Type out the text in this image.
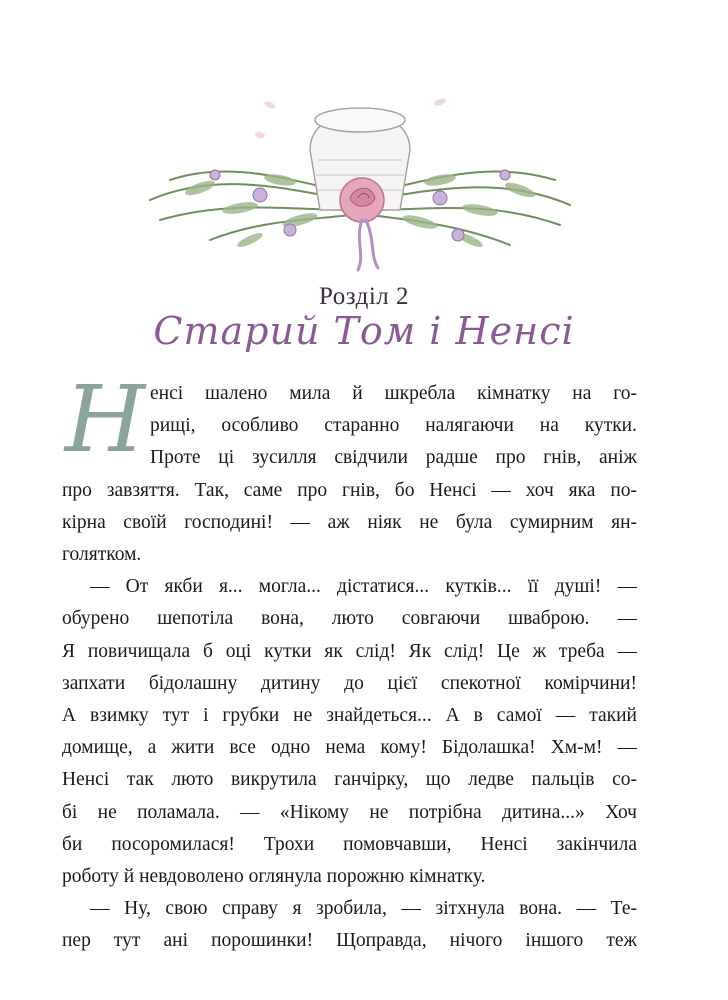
Розділ 2
Старий Том і Ненсі
Н енсі шалено мила й шкребла кімнатку на го-
рищі, особливо старанно налягаючи на кутки.
Проте ці зусилля свідчили радше про гнів, аніж
про завзяття. Так, саме про гнів, бо Ненсі — хоч яка по-
кірна своїй господині! — аж ніяк не була сумирним ян-
голятком.
— От якби я... могла... дістатися... кутків... її душі! —
обурено шепотіла вона, люто совгаючи шваброю. —
Я повичищала б оці кутки як слід! Як слід! Це ж треба —
запхати бідолашну дитину до цієї спекотної комірчини!
А взимку тут і грубки не знайдеться... А в самої — такий
домище, а жити все одно нема кому! Бідолашка! Хм-м! —
Ненсі так люто викрутила ганчірку, що ледве пальців со-
бі не поламала. — «Нікому не потрібна дитина...» Хоч
би посоромилася! Трохи помовчавши, Ненсі закінчила
роботу й невдоволено оглянула порожню кімнатку.
— Ну, свою справу я зробила, — зітхнула вона. — Те-
пер тут ані порошинки! Щоправда, нічого іншого теж
